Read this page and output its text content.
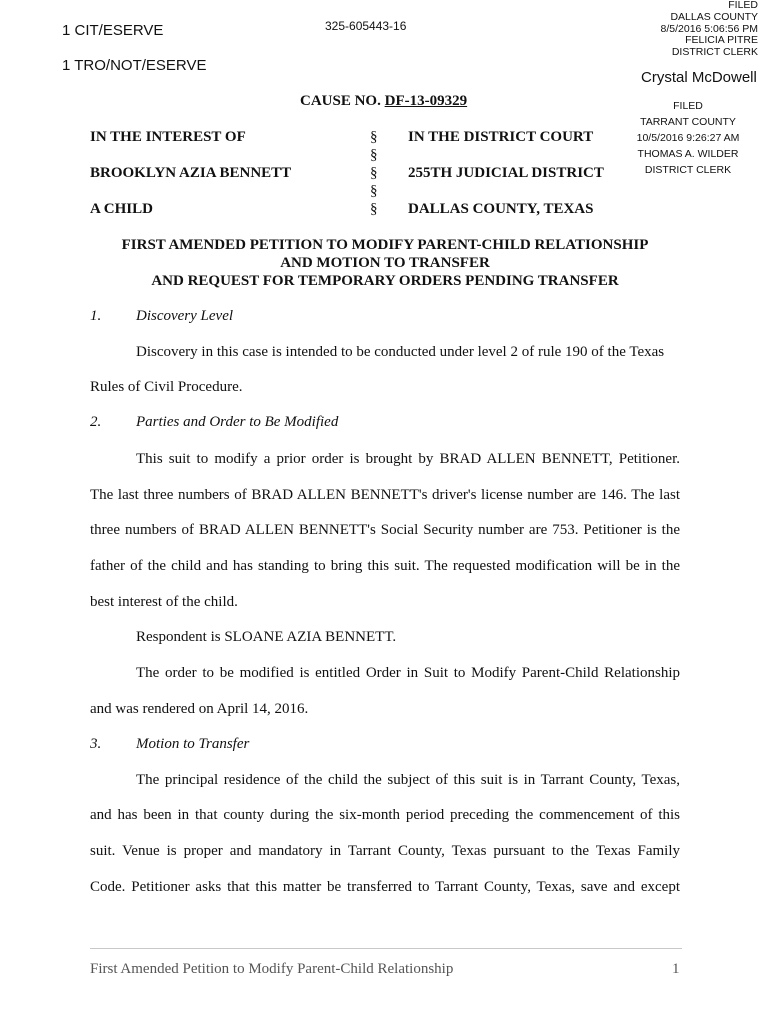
FILED
DALLAS COUNTY
8/5/2016 5:06:56 PM
FELICIA PITRE
DISTRICT CLERK
Crystal McDowell
FILED
TARRANT COUNTY
10/5/2016 9:26:27 AM
THOMAS A. WILDER
DISTRICT CLERK
1 CIT/ESERVE
1 TRO/NOT/ESERVE
325-605443-16
CAUSE NO. DF-13-09329
IN THE INTEREST OF
BROOKLYN AZIA BENNETT
A CHILD
§
§
§
§
§
IN THE DISTRICT COURT
255TH JUDICIAL DISTRICT
DALLAS COUNTY, TEXAS
FIRST AMENDED PETITION TO MODIFY PARENT-CHILD RELATIONSHIP
AND MOTION TO TRANSFER
AND REQUEST FOR TEMPORARY ORDERS PENDING TRANSFER
1. Discovery Level
Discovery in this case is intended to be conducted under level 2 of rule 190 of the Texas
Rules of Civil Procedure.
2. Parties and Order to Be Modified
This suit to modify a prior order is brought by BRAD ALLEN BENNETT, Petitioner.
The last three numbers of BRAD ALLEN BENNETT's driver's license number are 146. The last
three numbers of BRAD ALLEN BENNETT's Social Security number are 753. Petitioner is the
father of the child and has standing to bring this suit. The requested modification will be in the
best interest of the child.
Respondent is SLOANE AZIA BENNETT.
The order to be modified is entitled Order in Suit to Modify Parent-Child Relationship
and was rendered on April 14, 2016.
3. Motion to Transfer
The principal residence of the child the subject of this suit is in Tarrant County, Texas,
and has been in that county during the six-month period preceding the commencement of this
suit. Venue is proper and mandatory in Tarrant County, Texas pursuant to the Texas Family
Code. Petitioner asks that this matter be transferred to Tarrant County, Texas, save and except
First Amended Petition to Modify Parent-Child Relationship	1
